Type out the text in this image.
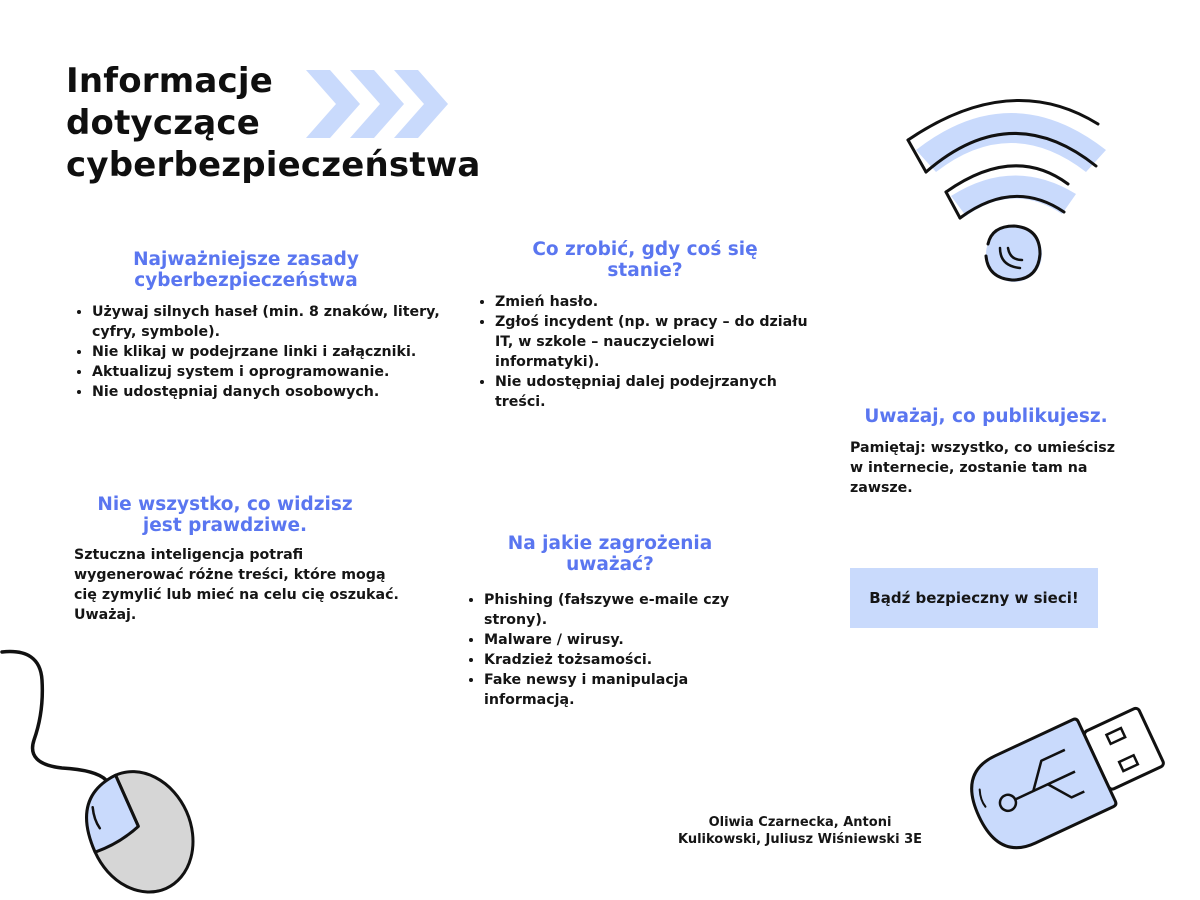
Informacje
dotyczące
cyberbezpieczeństwa
Najważniejsze zasady
cyberbezpieczeństwa
• Używaj silnych haseł (min. 8 znaków, litery, cyfry, symbole).
• Nie klikaj w podejrzane linki i załączniki.
• Aktualizuj system i oprogramowanie.
• Nie udostępniaj danych osobowych.
Co zrobić, gdy coś się
stanie?
• Zmień hasło.
• Zgłoś incydent (np. w pracy – do działu IT, w szkole – nauczycielowi informatyki).
• Nie udostępniaj dalej podejrzanych treści.
Uważaj, co publikujesz.
Pamiętaj: wszystko, co umieścisz w internecie, zostanie tam na zawsze.
Nie wszystko, co widzisz
jest prawdziwe.
Sztuczna inteligencja potrafi wygenerować różne treści, które mogą cię zymylić lub mieć na celu cię oszukać. Uważaj.
Na jakie zagrożenia
uważać?
• Phishing (fałszywe e-maile czy strony).
• Malware / wirusy.
• Kradzież tożsamości.
• Fake newsy i manipulacja informacją.
Bądź bezpieczny w sieci!
Oliwia Czarnecka, Antoni
Kulikowski, Juliusz Wiśniewski 3E
